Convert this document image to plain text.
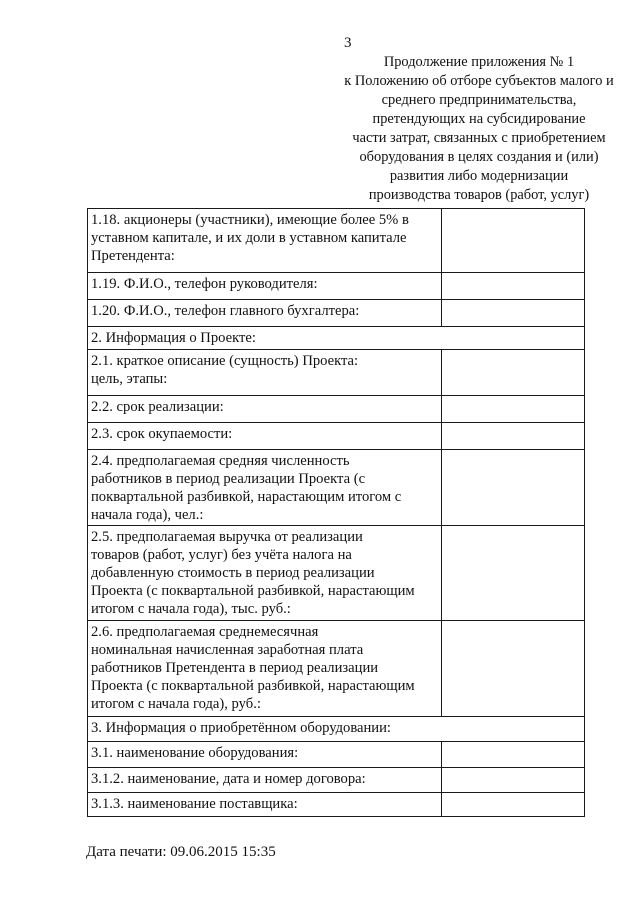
3
Продолжение приложения № 1
к Положению об отборе субъектов малого и
среднего предпринимательства,
претендующих на субсидирование
части затрат, связанных с приобретением
оборудования в целях создания и (или)
развития либо модернизации
производства товаров (работ, услуг)
1.18. акционеры (участники), имеющие более 5% в
уставном капитале, и их доли в уставном капитале
Претендента:	
1.19. Ф.И.О., телефон руководителя:	
1.20. Ф.И.О., телефон главного бухгалтера:	
2. Информация о Проекте:	
2.1. краткое описание (сущность) Проекта:
цель, этапы:	
2.2. срок реализации:	
2.3. срок окупаемости:	
2.4. предполагаемая средняя численность
работников в период реализации Проекта (с
поквартальной разбивкой, нарастающим итогом с
начала года), чел.:	
2.5. предполагаемая выручка от реализации
товаров (работ, услуг) без учёта налога на
добавленную стоимость в период реализации
Проекта (с поквартальной разбивкой, нарастающим
итогом с начала года), тыс. руб.:	
2.6. предполагаемая среднемесячная
номинальная начисленная заработная плата
работников Претендента в период реализации
Проекта (с поквартальной разбивкой, нарастающим
итогом с начала года), руб.:	
3. Информация о приобретённом оборудовании:	
3.1. наименование оборудования:	
3.1.2. наименование, дата и номер договора:	
3.1.3. наименование поставщика:	
Дата печати: 09.06.2015 15:35
